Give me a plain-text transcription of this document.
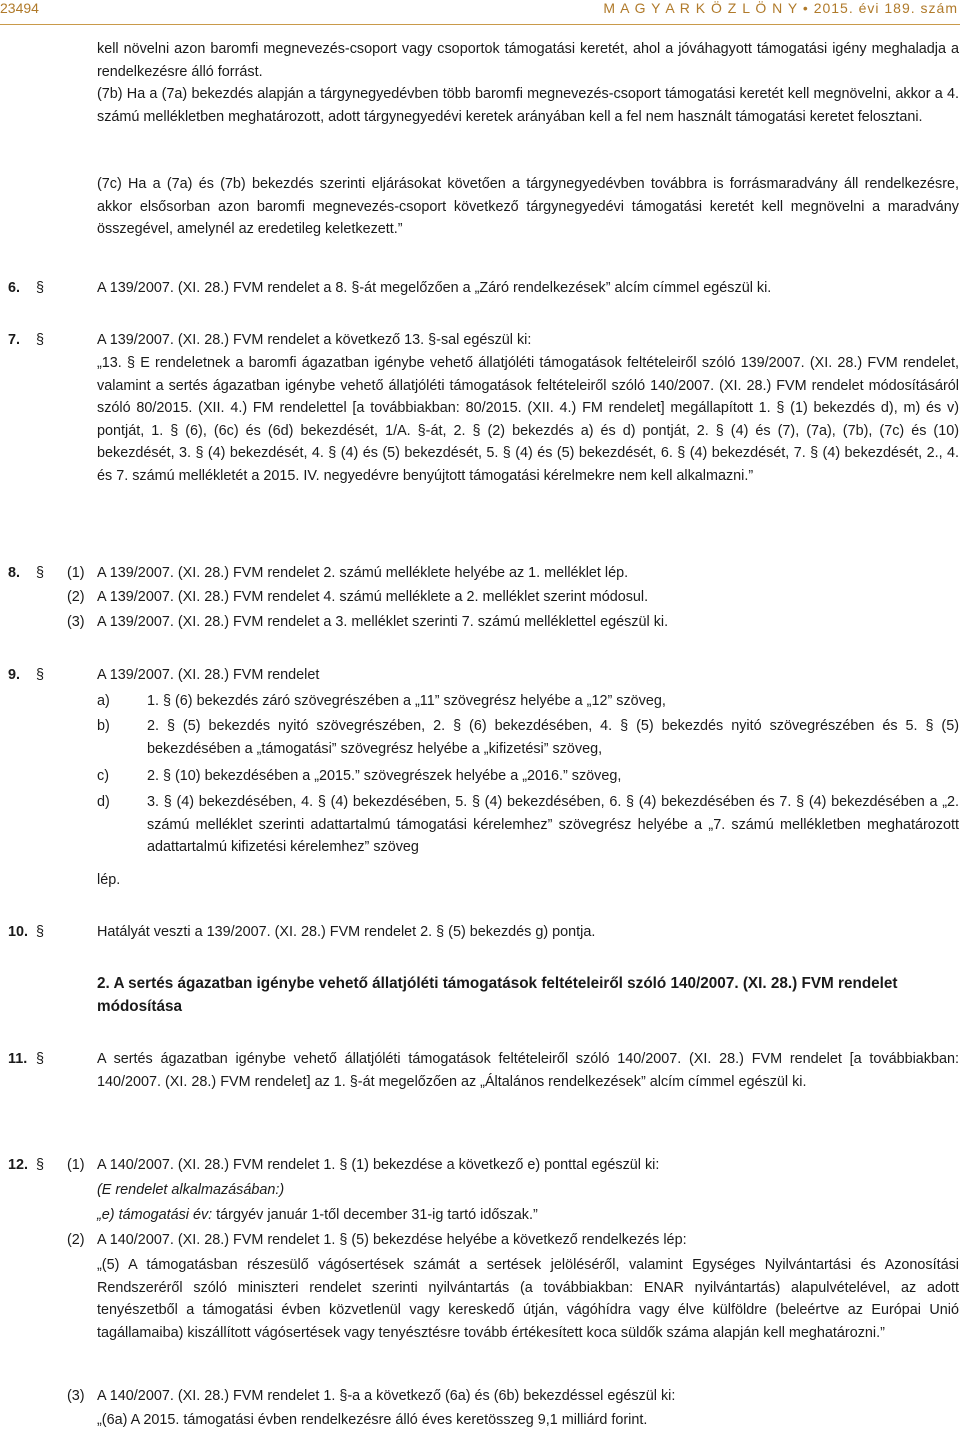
23494	M A G Y A R K Ö Z L Ö N Y • 2015. évi 189. szám
kell növelni azon baromfi megnevezés-csoport vagy csoportok támogatási keretét, ahol a jóváhagyott támogatási igény meghaladja a rendelkezésre álló forrást.
(7b) Ha a (7a) bekezdés alapján a tárgynegyedévben több baromfi megnevezés-csoport támogatási keretét kell megnövelni, akkor a 4. számú mellékletben meghatározott, adott tárgynegyedévi keretek arányában kell a fel nem használt támogatási keretet felosztani.
(7c) Ha a (7a) és (7b) bekezdés szerinti eljárásokat követően a tárgynegyedévben továbbra is forrásmaradvány áll rendelkezésre, akkor elsősorban azon baromfi megnevezés-csoport következő tárgynegyedévi támogatási keretét kell megnövelni a maradvány összegével, amelynél az eredetileg keletkezett.”
6. §	A 139/2007. (XI. 28.) FVM rendelet a 8. §-át megelőzően a „Záró rendelkezések” alcím címmel egészül ki.
7. §	A 139/2007. (XI. 28.) FVM rendelet a következő 13. §-sal egészül ki:
„13. § E rendeletnek a baromfi ágazatban igénybe vehető állatjóléti támogatások feltételeiről szóló 139/2007. (XI. 28.) FVM rendelet, valamint a sertés ágazatban igénybe vehető állatjóléti támogatások feltételeiről szóló 140/2007. (XI. 28.) FVM rendelet módosításáról szóló 80/2015. (XII. 4.) FM rendelettel [a továbbiakban: 80/2015. (XII. 4.) FM rendelet] megállapított 1. § (1) bekezdés d), m) és v) pontját, 1. § (6), (6c) és (6d) bekezdését, 1/A. §-át, 2. § (2) bekezdés a) és d) pontját, 2. § (4) és (7), (7a), (7b), (7c) és (10) bekezdését, 3. § (4) bekezdését, 4. § (4) és (5) bekezdését, 5. § (4) és (5) bekezdését, 6. § (4) bekezdését, 7. § (4) bekezdését, 2., 4. és 7. számú mellékletét a 2015. IV. negyedévre benyújtott támogatási kérelmekre nem kell alkalmazni.”
8. § (1) A 139/2007. (XI. 28.) FVM rendelet 2. számú melléklete helyébe az 1. melléklet lép.
(2) A 139/2007. (XI. 28.) FVM rendelet 4. számú melléklete a 2. melléklet szerint módosul.
(3) A 139/2007. (XI. 28.) FVM rendelet a 3. melléklet szerinti 7. számú melléklettel egészül ki.
9. §	A 139/2007. (XI. 28.) FVM rendelet
a)	1. § (6) bekezdés záró szövegrészében a „11” szövegrész helyébe a „12” szöveg,
b)	2. § (5) bekezdés nyitó szövegrészében, 2. § (6) bekezdésében, 4. § (5) bekezdés nyitó szövegrészében és 5. § (5) bekezdésében a „támogatási” szövegrész helyébe a „kifizetési” szöveg,
c)	2. § (10) bekezdésében a „2015.” szövegrészek helyébe a „2016.” szöveg,
d)	3. § (4) bekezdésében, 4. § (4) bekezdésében, 5. § (4) bekezdésében, 6. § (4) bekezdésében és 7. § (4) bekezdésében a „2. számú melléklet szerinti adattartalmú támogatási kérelemhez” szövegrész helyébe a „7. számú mellékletben meghatározott adattartalmú kifizetési kérelemhez” szöveg
lép.
10. §	Hatályát veszti a 139/2007. (XI. 28.) FVM rendelet 2. § (5) bekezdés g) pontja.
2. A sertés ágazatban igénybe vehető állatjóléti támogatások feltételeiről szóló 140/2007. (XI. 28.) FVM rendelet módosítása
11. §	A sertés ágazatban igénybe vehető állatjóléti támogatások feltételeiről szóló 140/2007. (XI. 28.) FVM rendelet [a továbbiakban: 140/2007. (XI. 28.) FVM rendelet] az 1. §-át megelőzően az „Általános rendelkezések” alcím címmel egészül ki.
12. § (1) A 140/2007. (XI. 28.) FVM rendelet 1. § (1) bekezdése a következő e) ponttal egészül ki:
(E rendelet alkalmazásában:)
„e) támogatási év: tárgyév január 1-től december 31-ig tartó időszak.”
(2) A 140/2007. (XI. 28.) FVM rendelet 1. § (5) bekezdése helyébe a következő rendelkezés lép:
„(5) A támogatásban részesülő vágósertések számát a sertések jelöléséről, valamint Egységes Nyilvántartási és Azonosítási Rendszeréről szóló miniszteri rendelet szerinti nyilvántartás (a továbbiakban: ENAR nyilvántartás) alapulvételével, az adott tenyészetből a támogatási évben közvetlenül vagy kereskedő útján, vágóhídra vagy élve külföldre (beleértve az Európai Unió tagállamaiba) kiszállított vágósertések vagy tenyésztésre tovább értékesített koca süldők száma alapján kell meghatározni.”
(3) A 140/2007. (XI. 28.) FVM rendelet 1. §-a a következő (6a) és (6b) bekezdéssel egészül ki:
„(6a) A 2015. támogatási évben rendelkezésre álló éves keretösszeg 9,1 milliárd forint.
